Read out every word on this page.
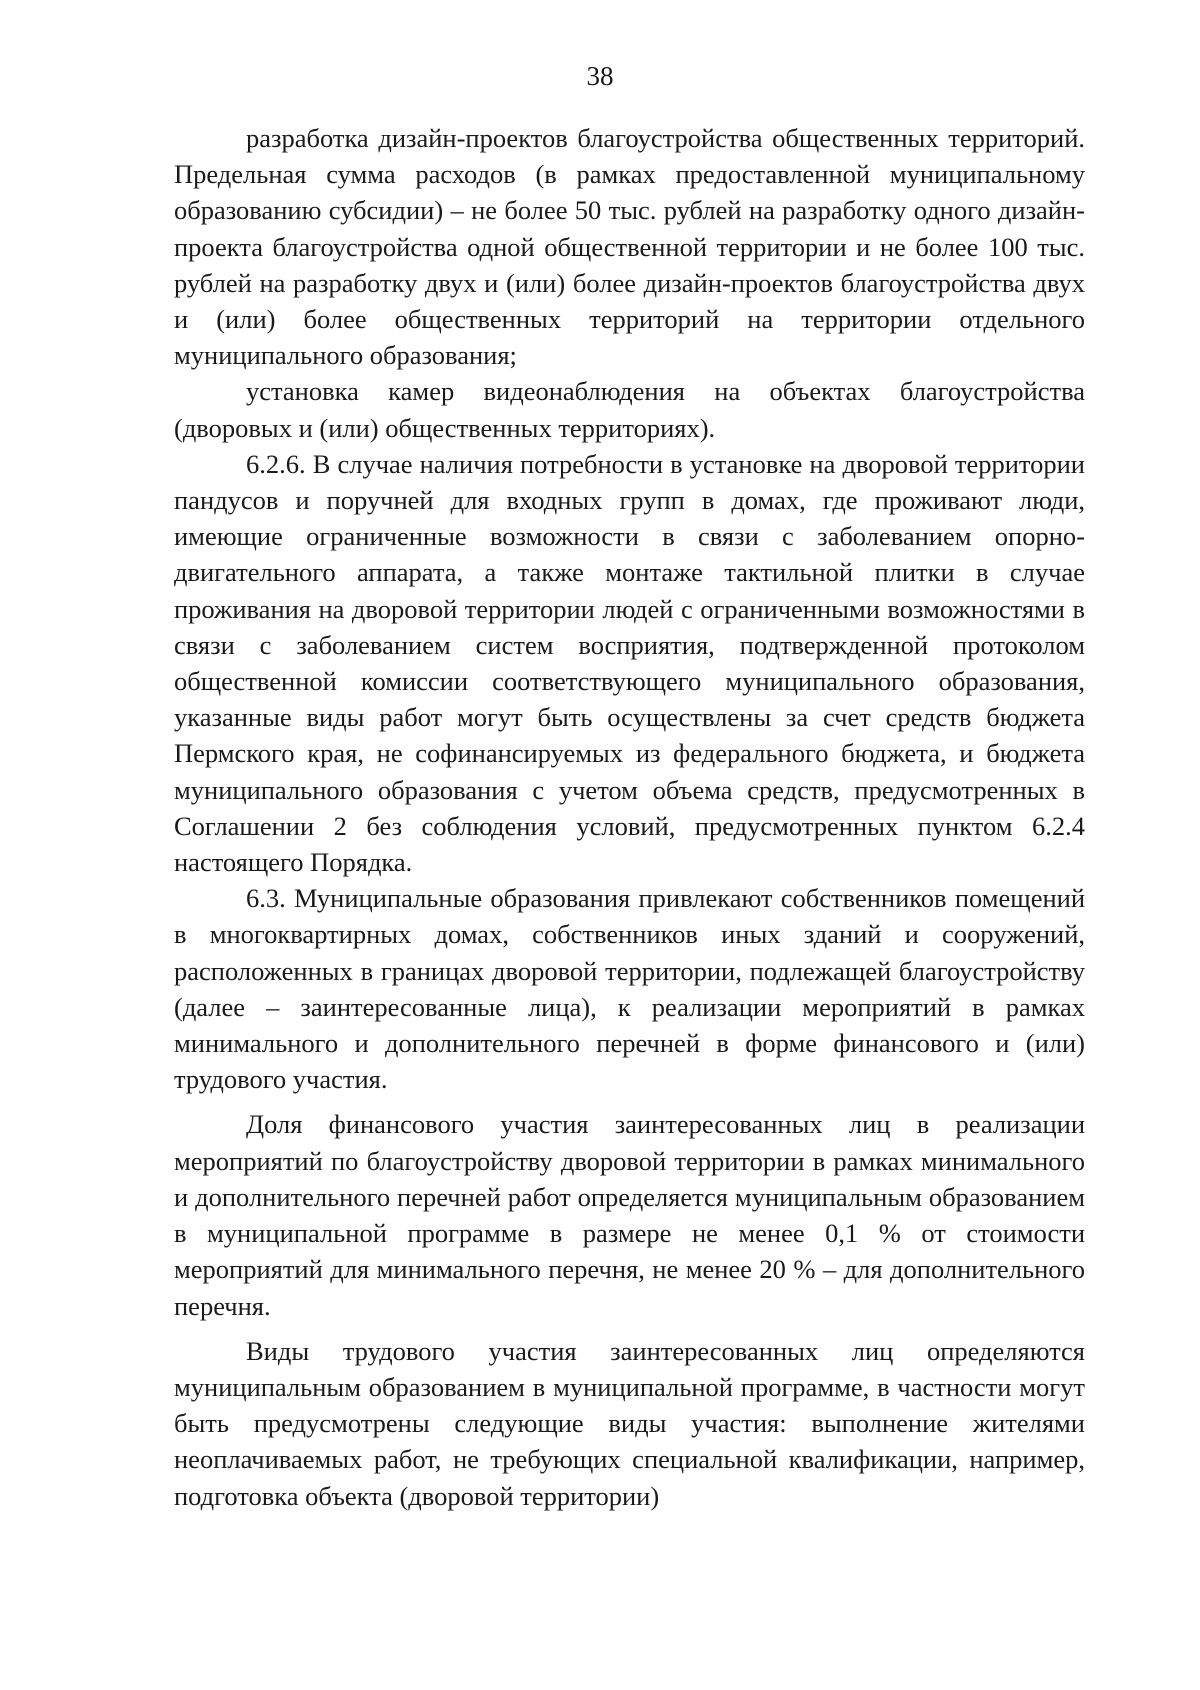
38

разработка дизайн-проектов благоустройства общественных территорий. Предельная сумма расходов (в рамках предоставленной муниципальному образованию субсидии) – не более 50 тыс. рублей на разработку одного дизайн-проекта благоустройства одной общественной территории и не более 100 тыс. рублей на разработку двух и (или) более дизайн-проектов благоустройства двух и (или) более общественных территорий на территории отдельного муниципального образования;

установка камер видеонаблюдения на объектах благоустройства (дворовых и (или) общественных территориях).

6.2.6. В случае наличия потребности в установке на дворовой территории пандусов и поручней для входных групп в домах, где проживают люди, имеющие ограниченные возможности в связи с заболеванием опорно-двигательного аппарата, а также монтаже тактильной плитки в случае проживания на дворовой территории людей с ограниченными возможностями в связи с заболеванием систем восприятия, подтвержденной протоколом общественной комиссии соответствующего муниципального образования, указанные виды работ могут быть осуществлены за счет средств бюджета Пермского края, не софинансируемых из федерального бюджета, и бюджета муниципального образования с учетом объема средств, предусмотренных в Соглашении 2 без соблюдения условий, предусмотренных пунктом 6.2.4 настоящего Порядка.

6.3. Муниципальные образования привлекают собственников помещений в многоквартирных домах, собственников иных зданий и сооружений, расположенных в границах дворовой территории, подлежащей благоустройству (далее – заинтересованные лица), к реализации мероприятий в рамках минимального и дополнительного перечней в форме финансового и (или) трудового участия.

Доля финансового участия заинтересованных лиц в реализации мероприятий по благоустройству дворовой территории в рамках минимального и дополнительного перечней работ определяется муниципальным образованием в муниципальной программе в размере не менее 0,1 % от стоимости мероприятий для минимального перечня, не менее 20 % – для дополнительного перечня.

Виды трудового участия заинтересованных лиц определяются муниципальным образованием в муниципальной программе, в частности могут быть предусмотрены следующие виды участия: выполнение жителями неоплачиваемых работ, не требующих специальной квалификации, например, подготовка объекта (дворовой территории)
